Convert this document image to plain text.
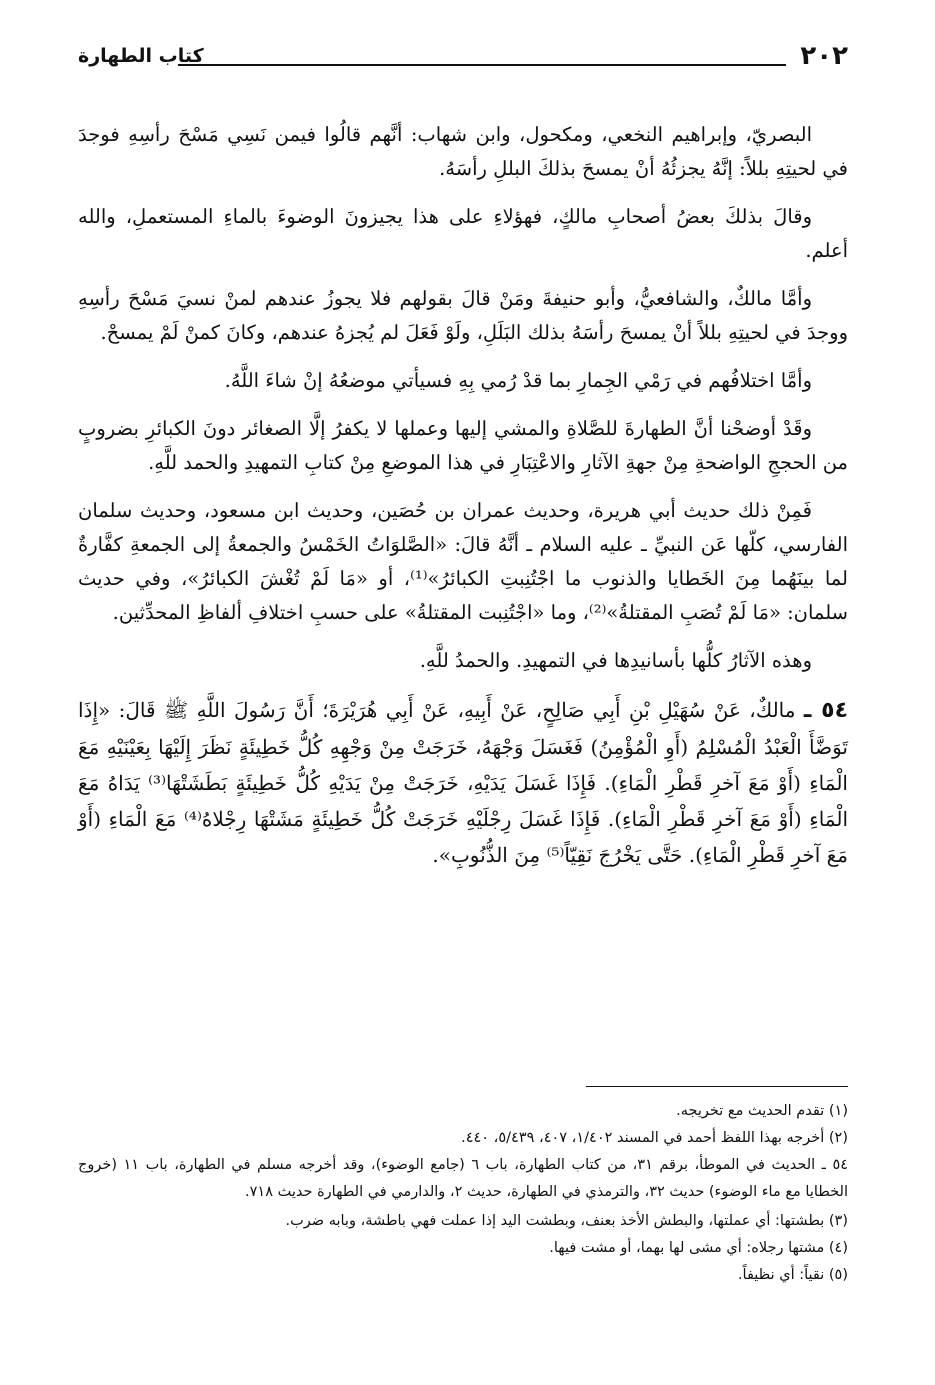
٢٠٢
كتاب الطهارة

البصريّ، وإبراهيم النخعي، ومكحول، وابن شهاب: أنَّهم قالُوا فيمن نَسِي مَسْحَ رأسِهِ فوجدَ في لحيتِهِ بللاً: إنَّهُ يجزئُهُ أنْ يمسحَ بذلكَ البللِ رأسَهُ.

وقالَ بذلكَ بعضُ أصحابِ مالكٍ، فهؤلاءِ على هذا يجيزونَ الوضوءَ بالماءِ المستعملِ، والله أعلم.

وأمَّا مالكٌ، والشافعيُّ، وأبو حنيفةَ ومَنْ قالَ بقولهم فلا يجوزُ عندهم لمنْ نسيَ مَسْحَ رأسِهِ ووجدَ في لحيتِهِ بللاً أنْ يمسحَ رأسَهُ بذلك البَلَلِ، ولَوْ فَعَلَ لم يُجزهُ عندهم، وكانَ كمنْ لَمْ يمسحْ.

وأمَّا اختلافُهم في رَمْي الجِمارِ بما قدْ رُمي بِهِ فسيأتي موضعُهُ إنْ شاءَ اللَّهُ.

وقَدْ أوضحْنا أنَّ الطهارةَ للصَّلاةِ والمشي إليها وعملها لا يكفرُ إلَّا الصغائر دونَ الكبائرِ بضروبٍ من الحججِ الواضحةِ مِنْ جهةِ الآثارِ والاعْتِبَارِ في هذا الموضعِ مِنْ كتابِ التمهيدِ والحمد للَّهِ.

فَمِنْ ذلك حديث أبي هريرة، وحديث عمران بن حُصَين، وحديث ابن مسعود، وحديث سلمان الفارسي، كلّها عَن النبيِّ ـ عليه السلام ـ أنَّهُ قالَ: «الصَّلوَاتُ الخَمْسُ والجمعةُ إلى الجمعةِ كفَّارةٌ لما بينَهُما مِنَ الخَطايا والذنوب ما اجْتُنِبتِ الكبائرُ»⁽¹⁾، أو «مَا لَمْ تُغْشَ الكبائرُ»، وفي حديث سلمان: «مَا لَمْ تُصَبِ المقتلةُ»⁽²⁾، وما «اجْتُنِبت المقتلةُ» على حسبِ اختلافِ ألفاظِ المحدِّثين.

وهذه الآثارُ كلُّها بأسانيدِها في التمهيدِ. والحمدُ للَّهِ.

٥٤ ـ مالكٌ، عَنْ سُهَيْلِ بْنِ أَبِي صَالِحٍ، عَنْ أَبِيهِ، عَنْ أَبِي هُرَيْرَةَ؛ أَنَّ رَسُولَ اللَّهِ ﷺ قَالَ: «إِذَا تَوَضَّأَ الْعَبْدُ الْمُسْلِمُ (أَوِ الْمُؤْمِنُ) فَغَسَلَ وَجْهَهُ، خَرَجَتْ مِنْ وَجْهِهِ كُلُّ خَطِيئَةٍ نَظَرَ إِلَيْهَا بِعَيْنَيْهِ مَعَ الْمَاءِ (أَوْ مَعَ آخرِ قَطْرِ الْمَاءِ). فَإِذَا غَسَلَ يَدَيْهِ، خَرَجَتْ مِنْ يَدَيْهِ كُلُّ خَطِيئَةٍ بَطَشَتْهَا⁽³⁾ يَدَاهُ مَعَ الْمَاءِ (أَوْ مَعَ آخرِ قَطْرِ الْمَاءِ). فَإِذَا غَسَلَ رِجْلَيْهِ خَرَجَتْ كُلُّ خَطِيئَةٍ مَشَتْهَا رِجْلاهُ⁽⁴⁾ مَعَ الْمَاءِ (أَوْ مَعَ آخرِ قَطْرِ الْمَاءِ). حَتَّى يَخْرُجَ نَقِيّاً⁽⁵⁾ مِنَ الذُّنُوبِ».

(١) تقدم الحديث مع تخريجه.

(٢) أخرجه بهذا اللفظ أحمد في المسند ١/٤٠٢، ٤٠٧، ٥/٤٣٩، ٤٤٠.

٥٤ ـ الحديث في الموطأ، برقم ٣١، من كتاب الطهارة، باب ٦ (جامع الوضوء)، وقد أخرجه مسلم في الطهارة، باب ١١ (خروج الخطايا مع ماء الوضوء) حديث ٣٢، والترمذي في الطهارة، حديث ٢، والدارمي في الطهارة حديث ٧١٨.

(٣) بطشتها: أي عملتها، والبطش الأخذ بعنف، وبطشت اليد إذا عملت فهي باطشة، وبابه ضرب.

(٤) مشتها رجلاه: أي مشى لها بهما، أو مشت فيها.

(٥) نقياً: أي نظيفاً.
